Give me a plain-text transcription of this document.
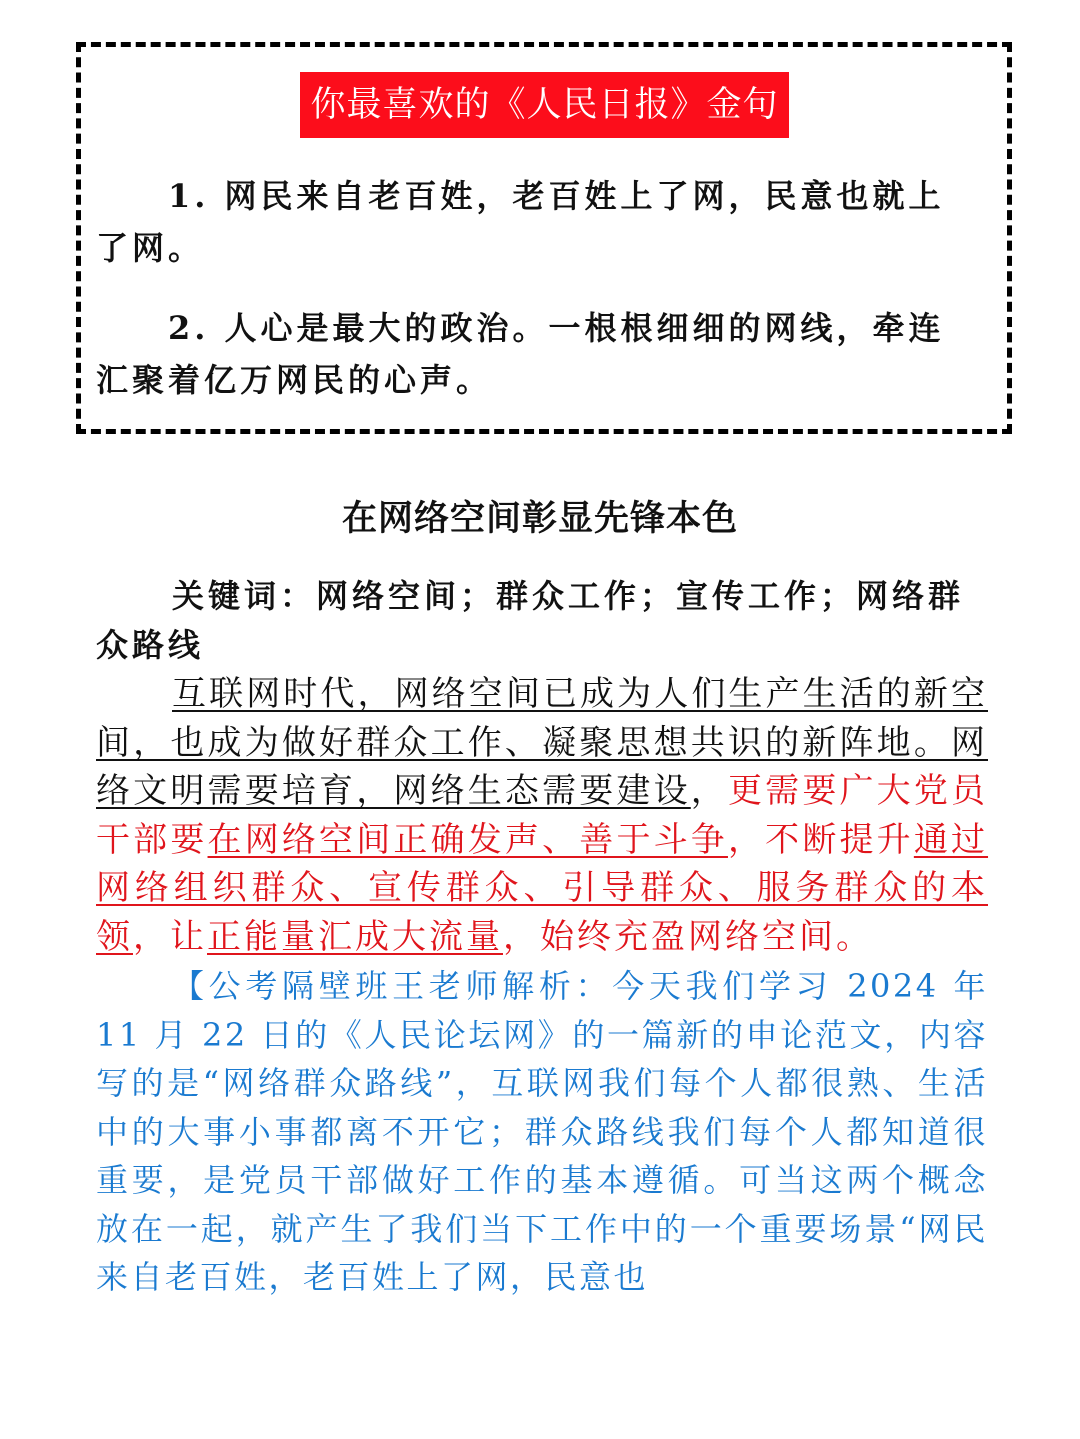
你最喜欢的《人民日报》金句

1. 网民来自老百姓，老百姓上了网，民意也就上了网。

2. 人心是最大的政治。一根根细细的网线，牵连汇聚着亿万网民的心声。

在网络空间彰显先锋本色

关键词：网络空间；群众工作；宣传工作；网络群众路线

互联网时代，网络空间已成为人们生产生活的新空间，也成为做好群众工作、凝聚思想共识的新阵地。网络文明需要培育，网络生态需要建设，更需要广大党员干部要在网络空间正确发声、善于斗争，不断提升通过网络组织群众、宣传群众、引导群众、服务群众的本领，让正能量汇成大流量，始终充盈网络空间。

【公考隔壁班王老师解析：今天我们学习 2024 年 11 月 22 日的《人民论坛网》的一篇新的申论范文，内容写的是“网络群众路线”，互联网我们每个人都很熟、生活中的大事小事都离不开它；群众路线我们每个人都知道很重要，是党员干部做好工作的基本遵循。可当这两个概念放在一起，就产生了我们当下工作中的一个重要场景“网民来自老百姓，老百姓上了网，民意也
